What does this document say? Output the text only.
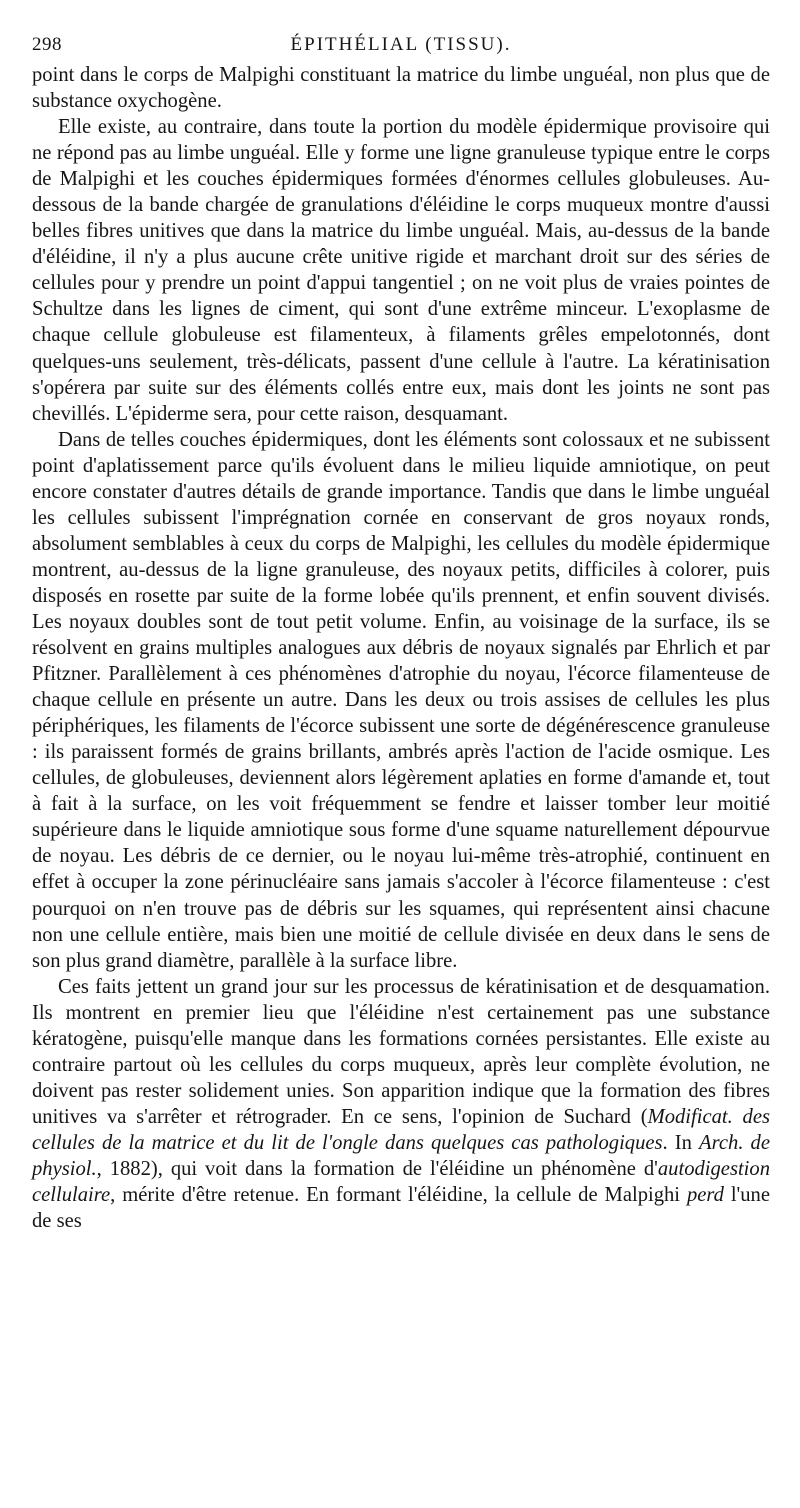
298	ÉPITHÉLIAL (TISSU).

point dans le corps de Malpighi constituant la matrice du limbe unguéal, non plus que de substance oxychogène.

Elle existe, au contraire, dans toute la portion du modèle épidermique provisoire qui ne répond pas au limbe unguéal. Elle y forme une ligne granuleuse typique entre le corps de Malpighi et les couches épidermiques formées d'énormes cellules globuleuses. Au-dessous de la bande chargée de granulations d'éléidine le corps muqueux montre d'aussi belles fibres unitives que dans la matrice du limbe unguéal. Mais, au-dessus de la bande d'éléidine, il n'y a plus aucune crête unitive rigide et marchant droit sur des séries de cellules pour y prendre un point d'appui tangentiel ; on ne voit plus de vraies pointes de Schultze dans les lignes de ciment, qui sont d'une extrême minceur. L'exoplasme de chaque cellule globuleuse est filamenteux, à filaments grêles empelotonnés, dont quelques-uns seulement, très-délicats, passent d'une cellule à l'autre. La kératinisation s'opérera par suite sur des éléments collés entre eux, mais dont les joints ne sont pas chevillés. L'épiderme sera, pour cette raison, desquamant.

Dans de telles couches épidermiques, dont les éléments sont colossaux et ne subissent point d'aplatissement parce qu'ils évoluent dans le milieu liquide amniotique, on peut encore constater d'autres détails de grande importance. Tandis que dans le limbe unguéal les cellules subissent l'imprégnation cornée en conservant de gros noyaux ronds, absolument semblables à ceux du corps de Malpighi, les cellules du modèle épidermique montrent, au-dessus de la ligne granuleuse, des noyaux petits, difficiles à colorer, puis disposés en rosette par suite de la forme lobée qu'ils prennent, et enfin souvent divisés. Les noyaux doubles sont de tout petit volume. Enfin, au voisinage de la surface, ils se résolvent en grains multiples analogues aux débris de noyaux signalés par Ehrlich et par Pfitzner. Parallèlement à ces phénomènes d'atrophie du noyau, l'écorce filamenteuse de chaque cellule en présente un autre. Dans les deux ou trois assises de cellules les plus périphériques, les filaments de l'écorce subissent une sorte de dégénérescence granuleuse : ils paraissent formés de grains brillants, ambrés après l'action de l'acide osmique. Les cellules, de globuleuses, deviennent alors légèrement aplaties en forme d'amande et, tout à fait à la surface, on les voit fréquemment se fendre et laisser tomber leur moitié supérieure dans le liquide amniotique sous forme d'une squame naturellement dépourvue de noyau. Les débris de ce dernier, ou le noyau lui-même très-atrophié, continuent en effet à occuper la zone périnucléaire sans jamais s'accoler à l'écorce filamenteuse : c'est pourquoi on n'en trouve pas de débris sur les squames, qui représentent ainsi chacune non une cellule entière, mais bien une moitié de cellule divisée en deux dans le sens de son plus grand diamètre, parallèle à la surface libre.

Ces faits jettent un grand jour sur les processus de kératinisation et de desquamation. Ils montrent en premier lieu que l'éléidine n'est certainement pas une substance kératogène, puisqu'elle manque dans les formations cornées persistantes. Elle existe au contraire partout où les cellules du corps muqueux, après leur complète évolution, ne doivent pas rester solidement unies. Son apparition indique que la formation des fibres unitives va s'arrêter et rétrograder. En ce sens, l'opinion de Suchard (Modificat. des cellules de la matrice et du lit de l'ongle dans quelques cas pathologiques. In Arch. de physiol., 1882), qui voit dans la formation de l'éléidine un phénomène d'autodigestion cellulaire, mérite d'être retenue. En formant l'éléidine, la cellule de Malpighi perd l'une de ses
